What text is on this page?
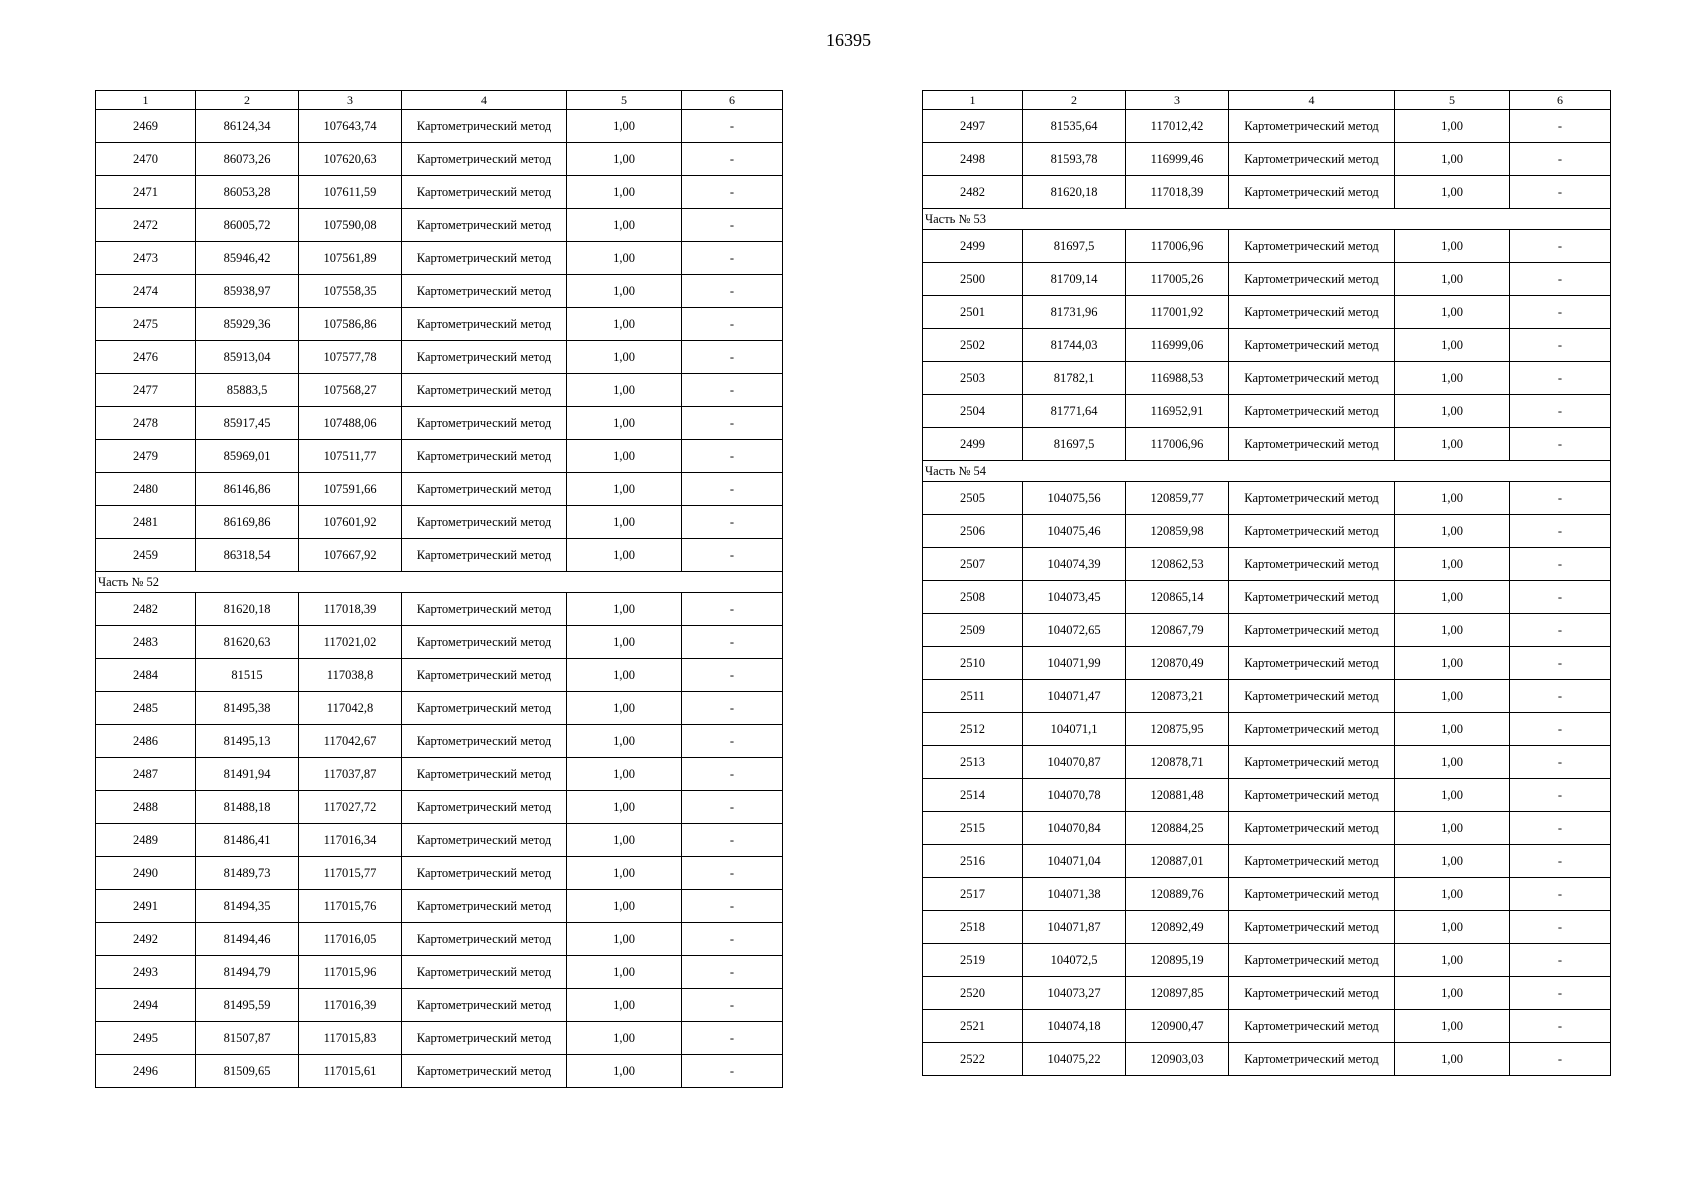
16395
1	2	3	4	5	6
2469	86124,34	107643,74	Картометрический метод	1,00	-
2470	86073,26	107620,63	Картометрический метод	1,00	-
2471	86053,28	107611,59	Картометрический метод	1,00	-
2472	86005,72	107590,08	Картометрический метод	1,00	-
2473	85946,42	107561,89	Картометрический метод	1,00	-
2474	85938,97	107558,35	Картометрический метод	1,00	-
2475	85929,36	107586,86	Картометрический метод	1,00	-
2476	85913,04	107577,78	Картометрический метод	1,00	-
2477	85883,5	107568,27	Картометрический метод	1,00	-
2478	85917,45	107488,06	Картометрический метод	1,00	-
2479	85969,01	107511,77	Картометрический метод	1,00	-
2480	86146,86	107591,66	Картометрический метод	1,00	-
2481	86169,86	107601,92	Картометрический метод	1,00	-
2459	86318,54	107667,92	Картометрический метод	1,00	-
Часть № 52					
2482	81620,18	117018,39	Картометрический метод	1,00	-
2483	81620,63	117021,02	Картометрический метод	1,00	-
2484	81515	117038,8	Картометрический метод	1,00	-
2485	81495,38	117042,8	Картометрический метод	1,00	-
2486	81495,13	117042,67	Картометрический метод	1,00	-
2487	81491,94	117037,87	Картометрический метод	1,00	-
2488	81488,18	117027,72	Картометрический метод	1,00	-
2489	81486,41	117016,34	Картометрический метод	1,00	-
2490	81489,73	117015,77	Картометрический метод	1,00	-
2491	81494,35	117015,76	Картометрический метод	1,00	-
2492	81494,46	117016,05	Картометрический метод	1,00	-
2493	81494,79	117015,96	Картометрический метод	1,00	-
2494	81495,59	117016,39	Картометрический метод	1,00	-
2495	81507,87	117015,83	Картометрический метод	1,00	-
2496	81509,65	117015,61	Картометрический метод	1,00	-
1	2	3	4	5	6
2497	81535,64	117012,42	Картометрический метод	1,00	-
2498	81593,78	116999,46	Картометрический метод	1,00	-
2482	81620,18	117018,39	Картометрический метод	1,00	-
Часть № 53					
2499	81697,5	117006,96	Картометрический метод	1,00	-
2500	81709,14	117005,26	Картометрический метод	1,00	-
2501	81731,96	117001,92	Картометрический метод	1,00	-
2502	81744,03	116999,06	Картометрический метод	1,00	-
2503	81782,1	116988,53	Картометрический метод	1,00	-
2504	81771,64	116952,91	Картометрический метод	1,00	-
2499	81697,5	117006,96	Картометрический метод	1,00	-
Часть № 54					
2505	104075,56	120859,77	Картометрический метод	1,00	-
2506	104075,46	120859,98	Картометрический метод	1,00	-
2507	104074,39	120862,53	Картометрический метод	1,00	-
2508	104073,45	120865,14	Картометрический метод	1,00	-
2509	104072,65	120867,79	Картометрический метод	1,00	-
2510	104071,99	120870,49	Картометрический метод	1,00	-
2511	104071,47	120873,21	Картометрический метод	1,00	-
2512	104071,1	120875,95	Картометрический метод	1,00	-
2513	104070,87	120878,71	Картометрический метод	1,00	-
2514	104070,78	120881,48	Картометрический метод	1,00	-
2515	104070,84	120884,25	Картометрический метод	1,00	-
2516	104071,04	120887,01	Картометрический метод	1,00	-
2517	104071,38	120889,76	Картометрический метод	1,00	-
2518	104071,87	120892,49	Картометрический метод	1,00	-
2519	104072,5	120895,19	Картометрический метод	1,00	-
2520	104073,27	120897,85	Картометрический метод	1,00	-
2521	104074,18	120900,47	Картометрический метод	1,00	-
2522	104075,22	120903,03	Картометрический метод	1,00	-
